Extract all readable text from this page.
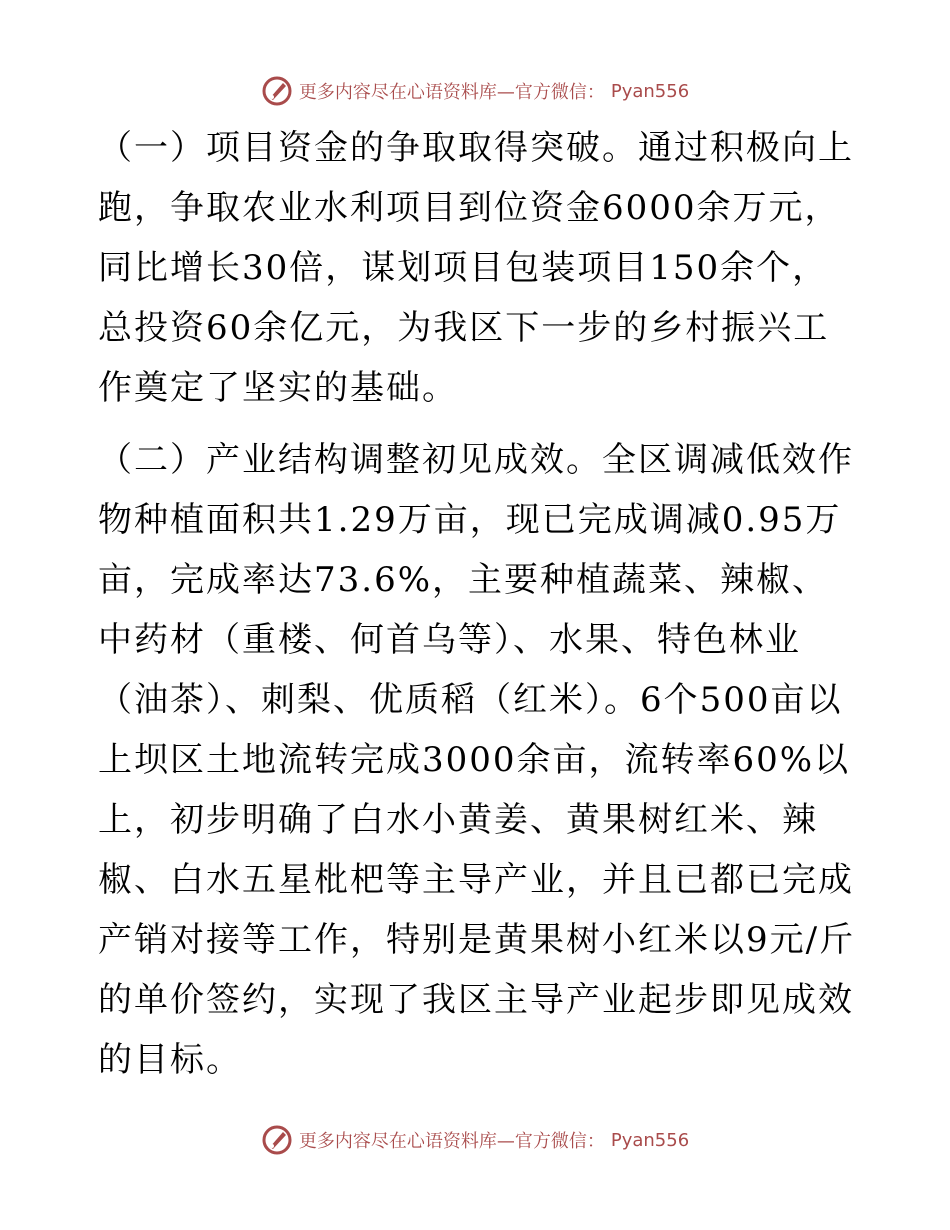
更多内容尽在心语资料库—官方微信： Pyan556

（一）项目资金的争取取得突破。通过积极向上跑，争取农业水利项目到位资金6000余万元，同比增长30倍，谋划项目包装项目150余个，总投资60余亿元，为我区下一步的乡村振兴工作奠定了坚实的基础。

（二）产业结构调整初见成效。全区调减低效作物种植面积共1.29万亩，现已完成调减0.95万亩，完成率达73.6%，主要种植蔬菜、辣椒、中药材（重楼、何首乌等）、水果、特色林业（油茶）、刺梨、优质稻（红米）。6个500亩以上坝区土地流转完成3000余亩，流转率60%以上，初步明确了白水小黄姜、黄果树红米、辣椒、白水五星枇杷等主导产业，并且已都已完成产销对接等工作，特别是黄果树小红米以9元/斤的单价签约，实现了我区主导产业起步即见成效的目标。

更多内容尽在心语资料库—官方微信： Pyan556
